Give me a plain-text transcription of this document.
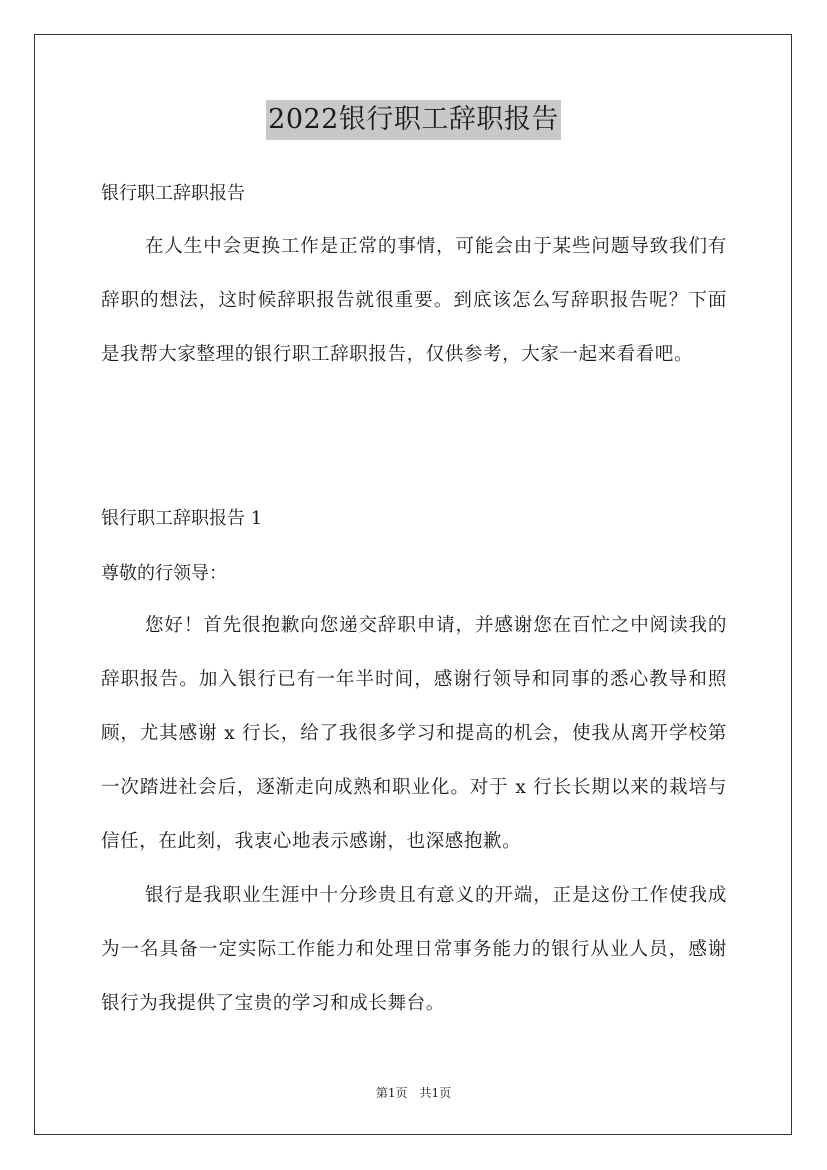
2022银行职工辞职报告
银行职工辞职报告
在人生中会更换工作是正常的事情，可能会由于某些问题导致我们有辞职的想法，这时候辞职报告就很重要。到底该怎么写辞职报告呢？下面是我帮大家整理的银行职工辞职报告，仅供参考，大家一起来看看吧。
银行职工辞职报告 1
尊敬的行领导：
您好！首先很抱歉向您递交辞职申请，并感谢您在百忙之中阅读我的辞职报告。加入银行已有一年半时间，感谢行领导和同事的悉心教导和照顾，尤其感谢 x 行长，给了我很多学习和提高的机会，使我从离开学校第一次踏进社会后，逐渐走向成熟和职业化。对于 x 行长长期以来的栽培与信任，在此刻，我衷心地表示感谢，也深感抱歉。
银行是我职业生涯中十分珍贵且有意义的开端，正是这份工作使我成为一名具备一定实际工作能力和处理日常事务能力的银行从业人员，感谢银行为我提供了宝贵的学习和成长舞台。
第1页　共1页
